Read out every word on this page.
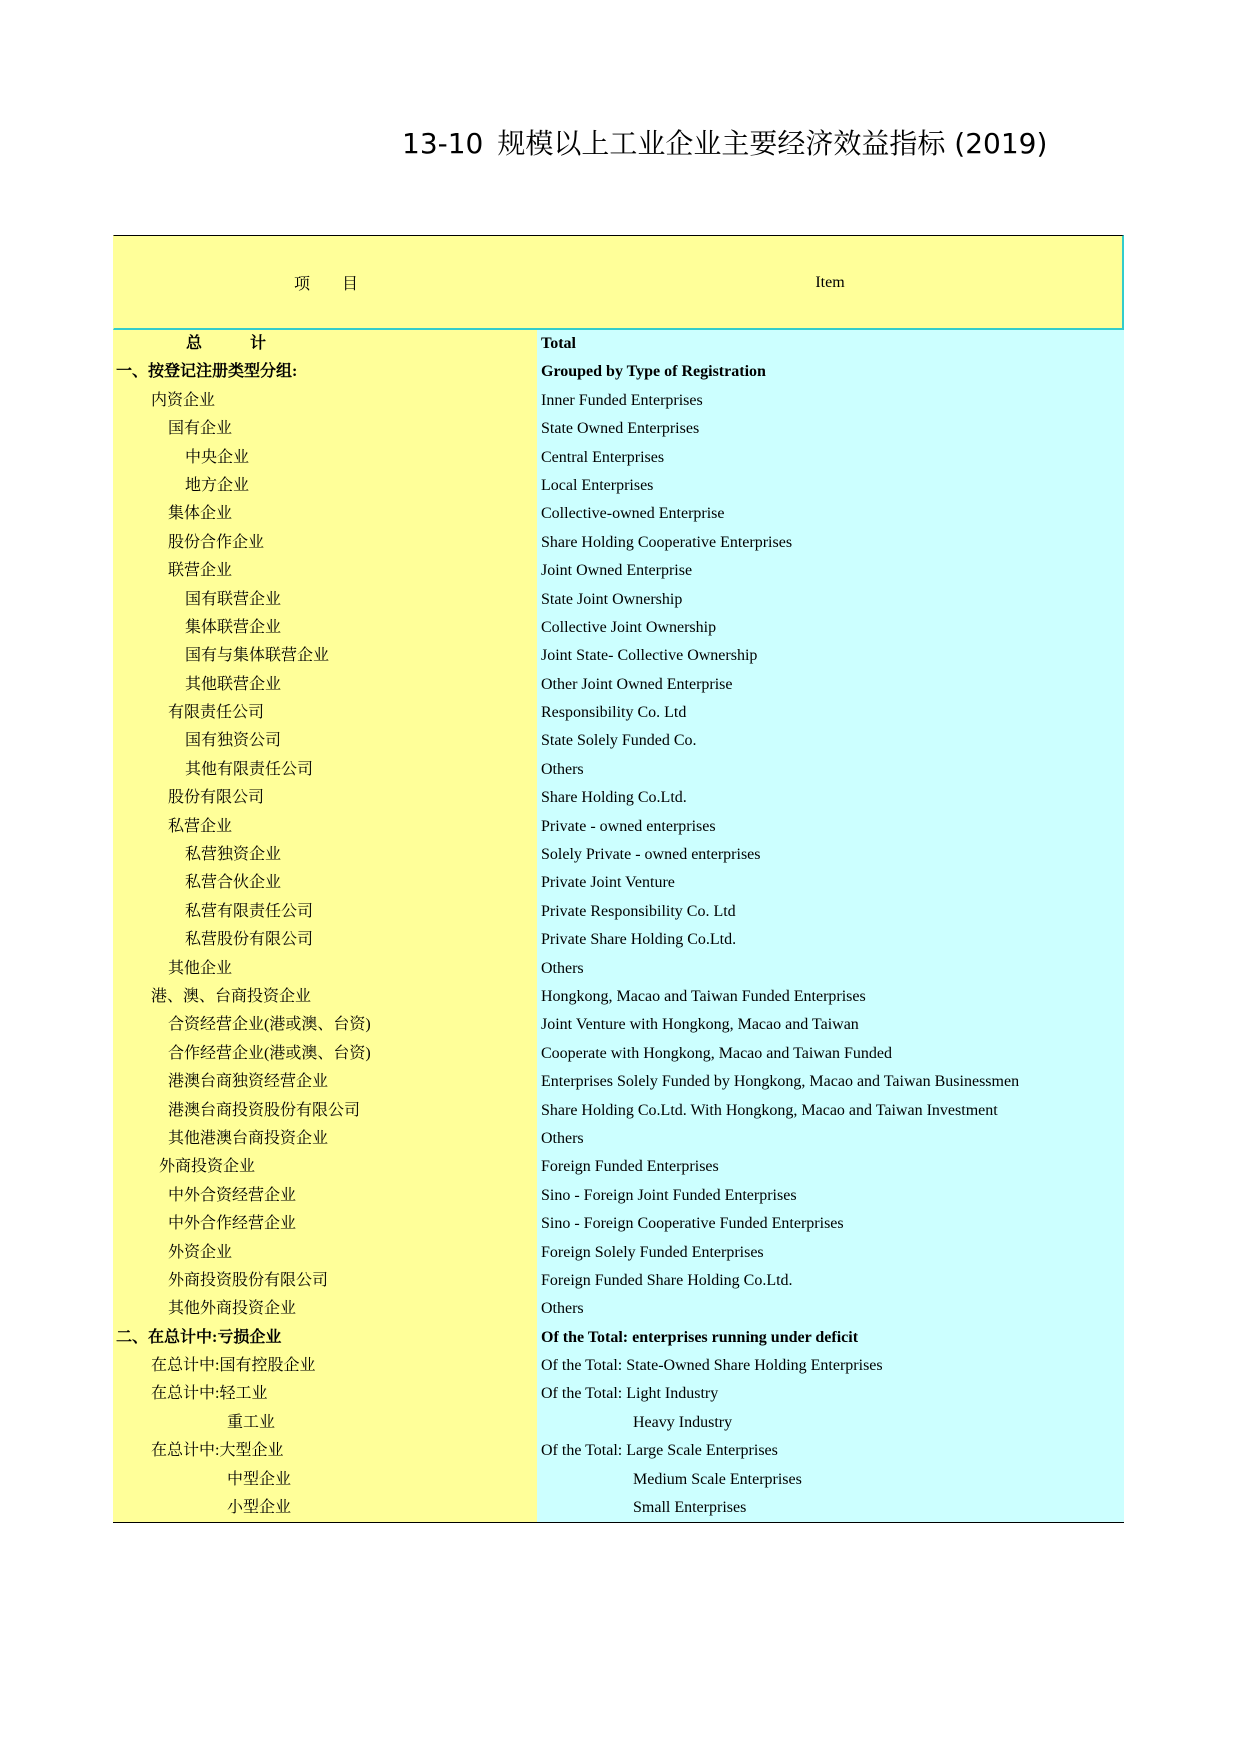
13-10 规模以上工业企业主要经济效益指标 (2019)
项　　目	Item
总　　　计	Total
一、按登记注册类型分组:	Grouped by Type of Registration
内资企业	Inner Funded Enterprises
国有企业	State Owned Enterprises
中央企业	Central Enterprises
地方企业	Local Enterprises
集体企业	Collective-owned Enterprise
股份合作企业	Share Holding Cooperative Enterprises
联营企业	Joint Owned Enterprise
国有联营企业	State Joint Ownership
集体联营企业	Collective Joint Ownership
国有与集体联营企业	Joint State- Collective Ownership
其他联营企业	Other Joint Owned Enterprise
有限责任公司	Responsibility Co. Ltd
国有独资公司	State Solely Funded Co.
其他有限责任公司	Others
股份有限公司	Share Holding Co.Ltd.
私营企业	Private - owned enterprises
私营独资企业	Solely Private - owned enterprises
私营合伙企业	Private Joint Venture
私营有限责任公司	Private Responsibility Co. Ltd
私营股份有限公司	Private Share Holding Co.Ltd.
其他企业	Others
港、澳、台商投资企业	Hongkong, Macao and Taiwan Funded Enterprises
合资经营企业(港或澳、台资)	Joint Venture with Hongkong, Macao and Taiwan
合作经营企业(港或澳、台资)	Cooperate with Hongkong, Macao and Taiwan Funded
港澳台商独资经营企业	Enterprises Solely Funded by Hongkong, Macao and Taiwan Businessmen
港澳台商投资股份有限公司	Share Holding Co.Ltd. With Hongkong, Macao and Taiwan Investment
其他港澳台商投资企业	Others
外商投资企业	Foreign Funded Enterprises
中外合资经营企业	Sino - Foreign Joint Funded Enterprises
中外合作经营企业	Sino - Foreign Cooperative Funded Enterprises
外资企业	Foreign Solely Funded Enterprises
外商投资股份有限公司	Foreign Funded Share Holding Co.Ltd.
其他外商投资企业	Others
二、在总计中:亏损企业	Of the Total: enterprises running under deficit
在总计中:国有控股企业	Of the Total: State-Owned Share Holding Enterprises
在总计中:轻工业	Of the Total: Light Industry
重工业	Heavy Industry
在总计中:大型企业	Of the Total: Large Scale Enterprises
中型企业	Medium Scale Enterprises
小型企业	Small Enterprises
